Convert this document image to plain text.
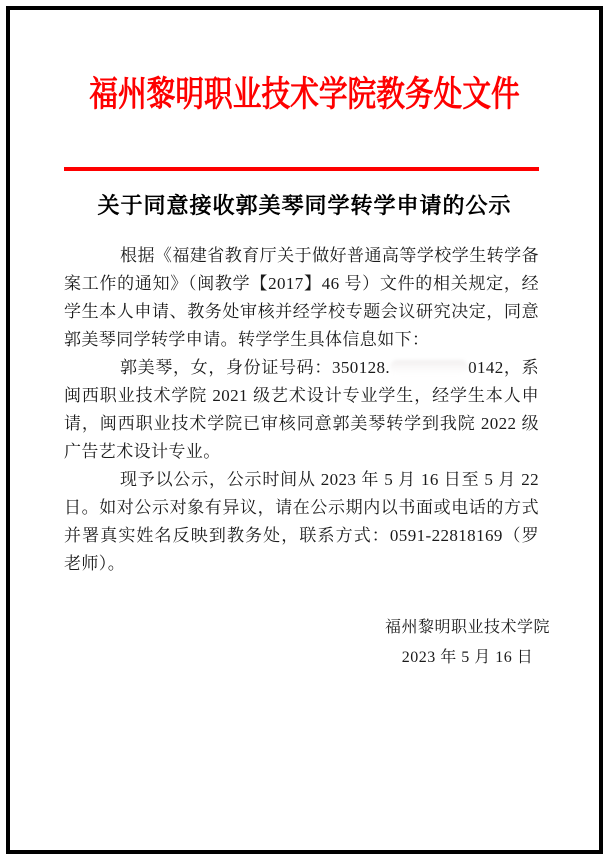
福州黎明职业技术学院教务处文件
关于同意接收郭美琴同学转学申请的公示

根据《福建省教育厅关于做好普通高等学校学生转学备案工作的通知》（闽教学【2017】46 号）文件的相关规定，经学生本人申请、教务处审核并经学校专题会议研究决定，同意郭美琴同学转学申请。转学学生具体信息如下：

郭美琴，女，身份证号码：350128.	0142，系闽西职业技术学院 2021 级艺术设计专业学生，经学生本人申请，闽西职业技术学院已审核同意郭美琴转学到我院 2022 级广告艺术设计专业。

现予以公示，公示时间从 2023 年 5 月 16 日至 5 月 22 日。如对公示对象有异议，请在公示期内以书面或电话的方式并署真实姓名反映到教务处，联系方式：0591-22818169（罗老师）。

福州黎明职业技术学院
2023 年 5 月 16 日
